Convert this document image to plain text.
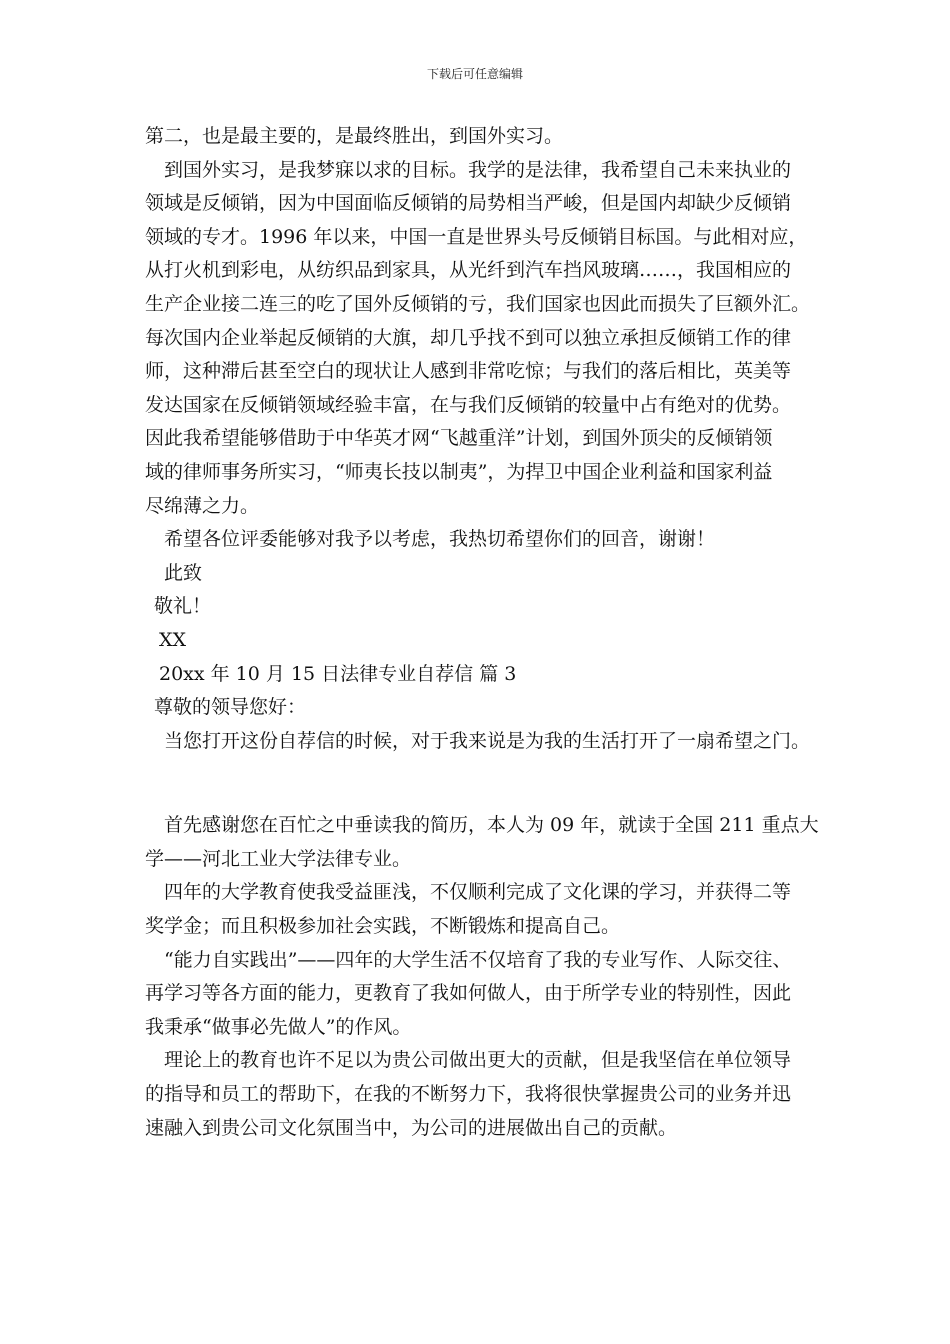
下载后可任意编辑
第二，也是最主要的，是最终胜出，到国外实习。
到国外实习，是我梦寐以求的目标。我学的是法律，我希望自己未来执业的
领域是反倾销，因为中国面临反倾销的局势相当严峻，但是国内却缺少反倾销
领域的专才。1996 年以来，中国一直是世界头号反倾销目标国。与此相对应，
从打火机到彩电，从纺织品到家具，从光纤到汽车挡风玻璃……，我国相应的
生产企业接二连三的吃了国外反倾销的亏，我们国家也因此而损失了巨额外汇。
每次国内企业举起反倾销的大旗，却几乎找不到可以独立承担反倾销工作的律
师，这种滞后甚至空白的现状让人感到非常吃惊；与我们的落后相比，英美等
发达国家在反倾销领域经验丰富，在与我们反倾销的较量中占有绝对的优势。
因此我希望能够借助于中华英才网“飞越重洋”计划，到国外顶尖的反倾销领
域的律师事务所实习，“师夷长技以制夷”，为捍卫中国企业利益和国家利益
尽绵薄之力。
希望各位评委能够对我予以考虑，我热切希望你们的回音，谢谢！
此致
敬礼！
XX
20xx 年 10 月 15 日法律专业自荐信 篇 3
尊敬的领导您好：
当您打开这份自荐信的时候，对于我来说是为我的生活打开了一扇希望之门。
首先感谢您在百忙之中垂读我的简历，本人为 09 年，就读于全国 211 重点大
学——河北工业大学法律专业。
四年的大学教育使我受益匪浅，不仅顺利完成了文化课的学习，并获得二等
奖学金；而且积极参加社会实践，不断锻炼和提高自己。
“能力自实践出”——四年的大学生活不仅培育了我的专业写作、人际交往、
再学习等各方面的能力，更教育了我如何做人，由于所学专业的特别性，因此
我秉承“做事必先做人”的作风。
理论上的教育也许不足以为贵公司做出更大的贡献，但是我坚信在单位领导
的指导和员工的帮助下，在我的不断努力下，我将很快掌握贵公司的业务并迅
速融入到贵公司文化氛围当中，为公司的进展做出自己的贡献。
